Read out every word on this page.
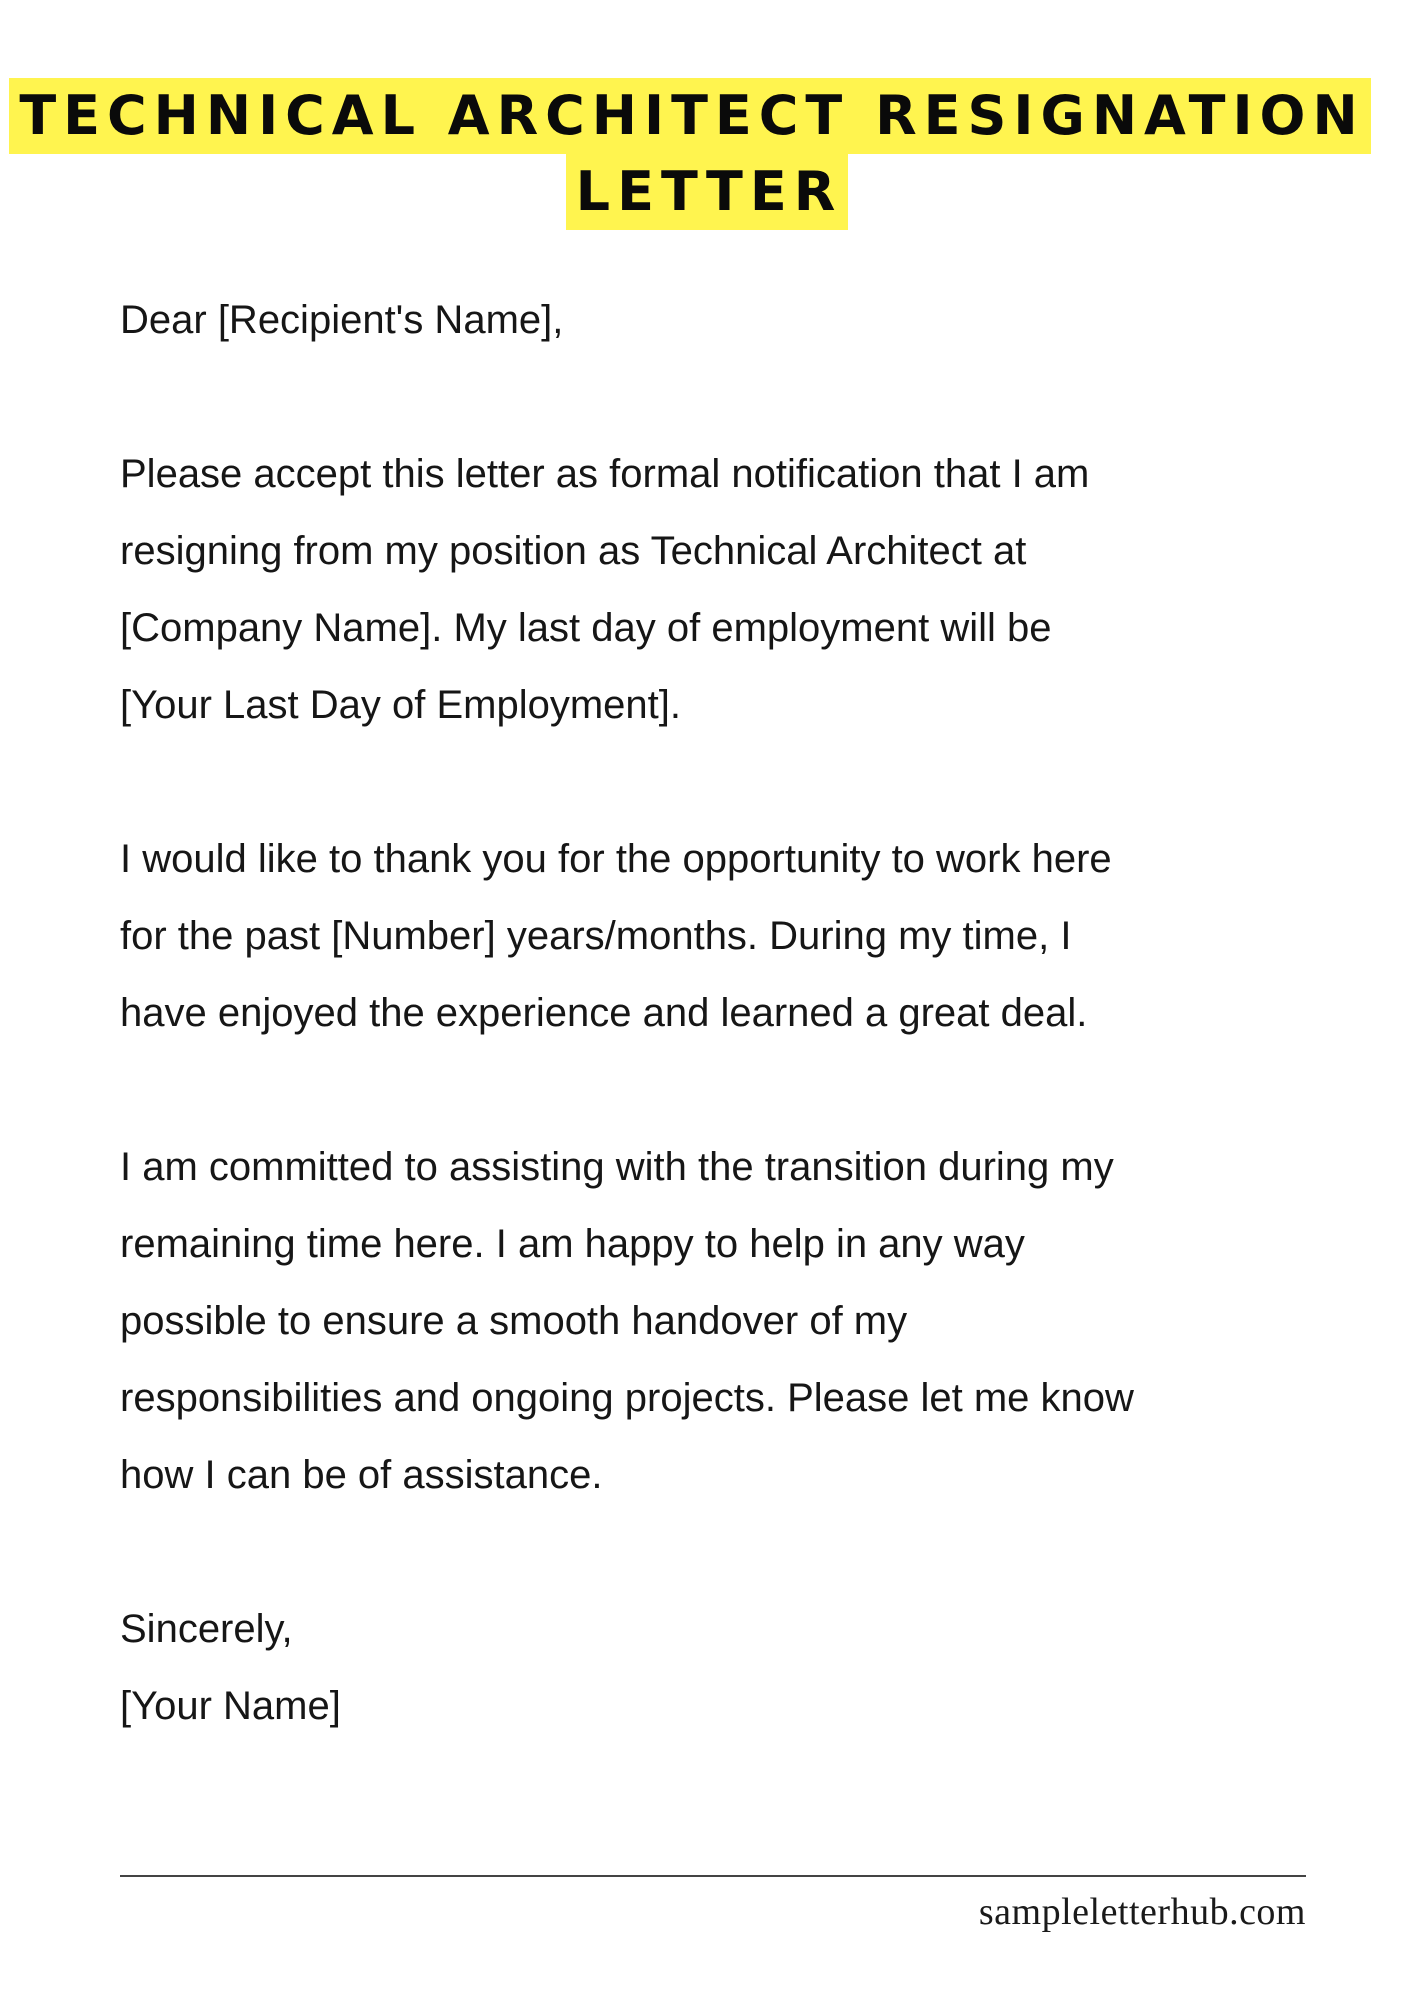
TECHNICAL ARCHITECT RESIGNATION
LETTER

Dear [Recipient's Name],

Please accept this letter as formal notification that I am
resigning from my position as Technical Architect at
[Company Name]. My last day of employment will be
[Your Last Day of Employment].

I would like to thank you for the opportunity to work here
for the past [Number] years/months. During my time, I
have enjoyed the experience and learned a great deal.

I am committed to assisting with the transition during my
remaining time here. I am happy to help in any way
possible to ensure a smooth handover of my
responsibilities and ongoing projects. Please let me know
how I can be of assistance.

Sincerely,
[Your Name]

sampleletterhub.com
